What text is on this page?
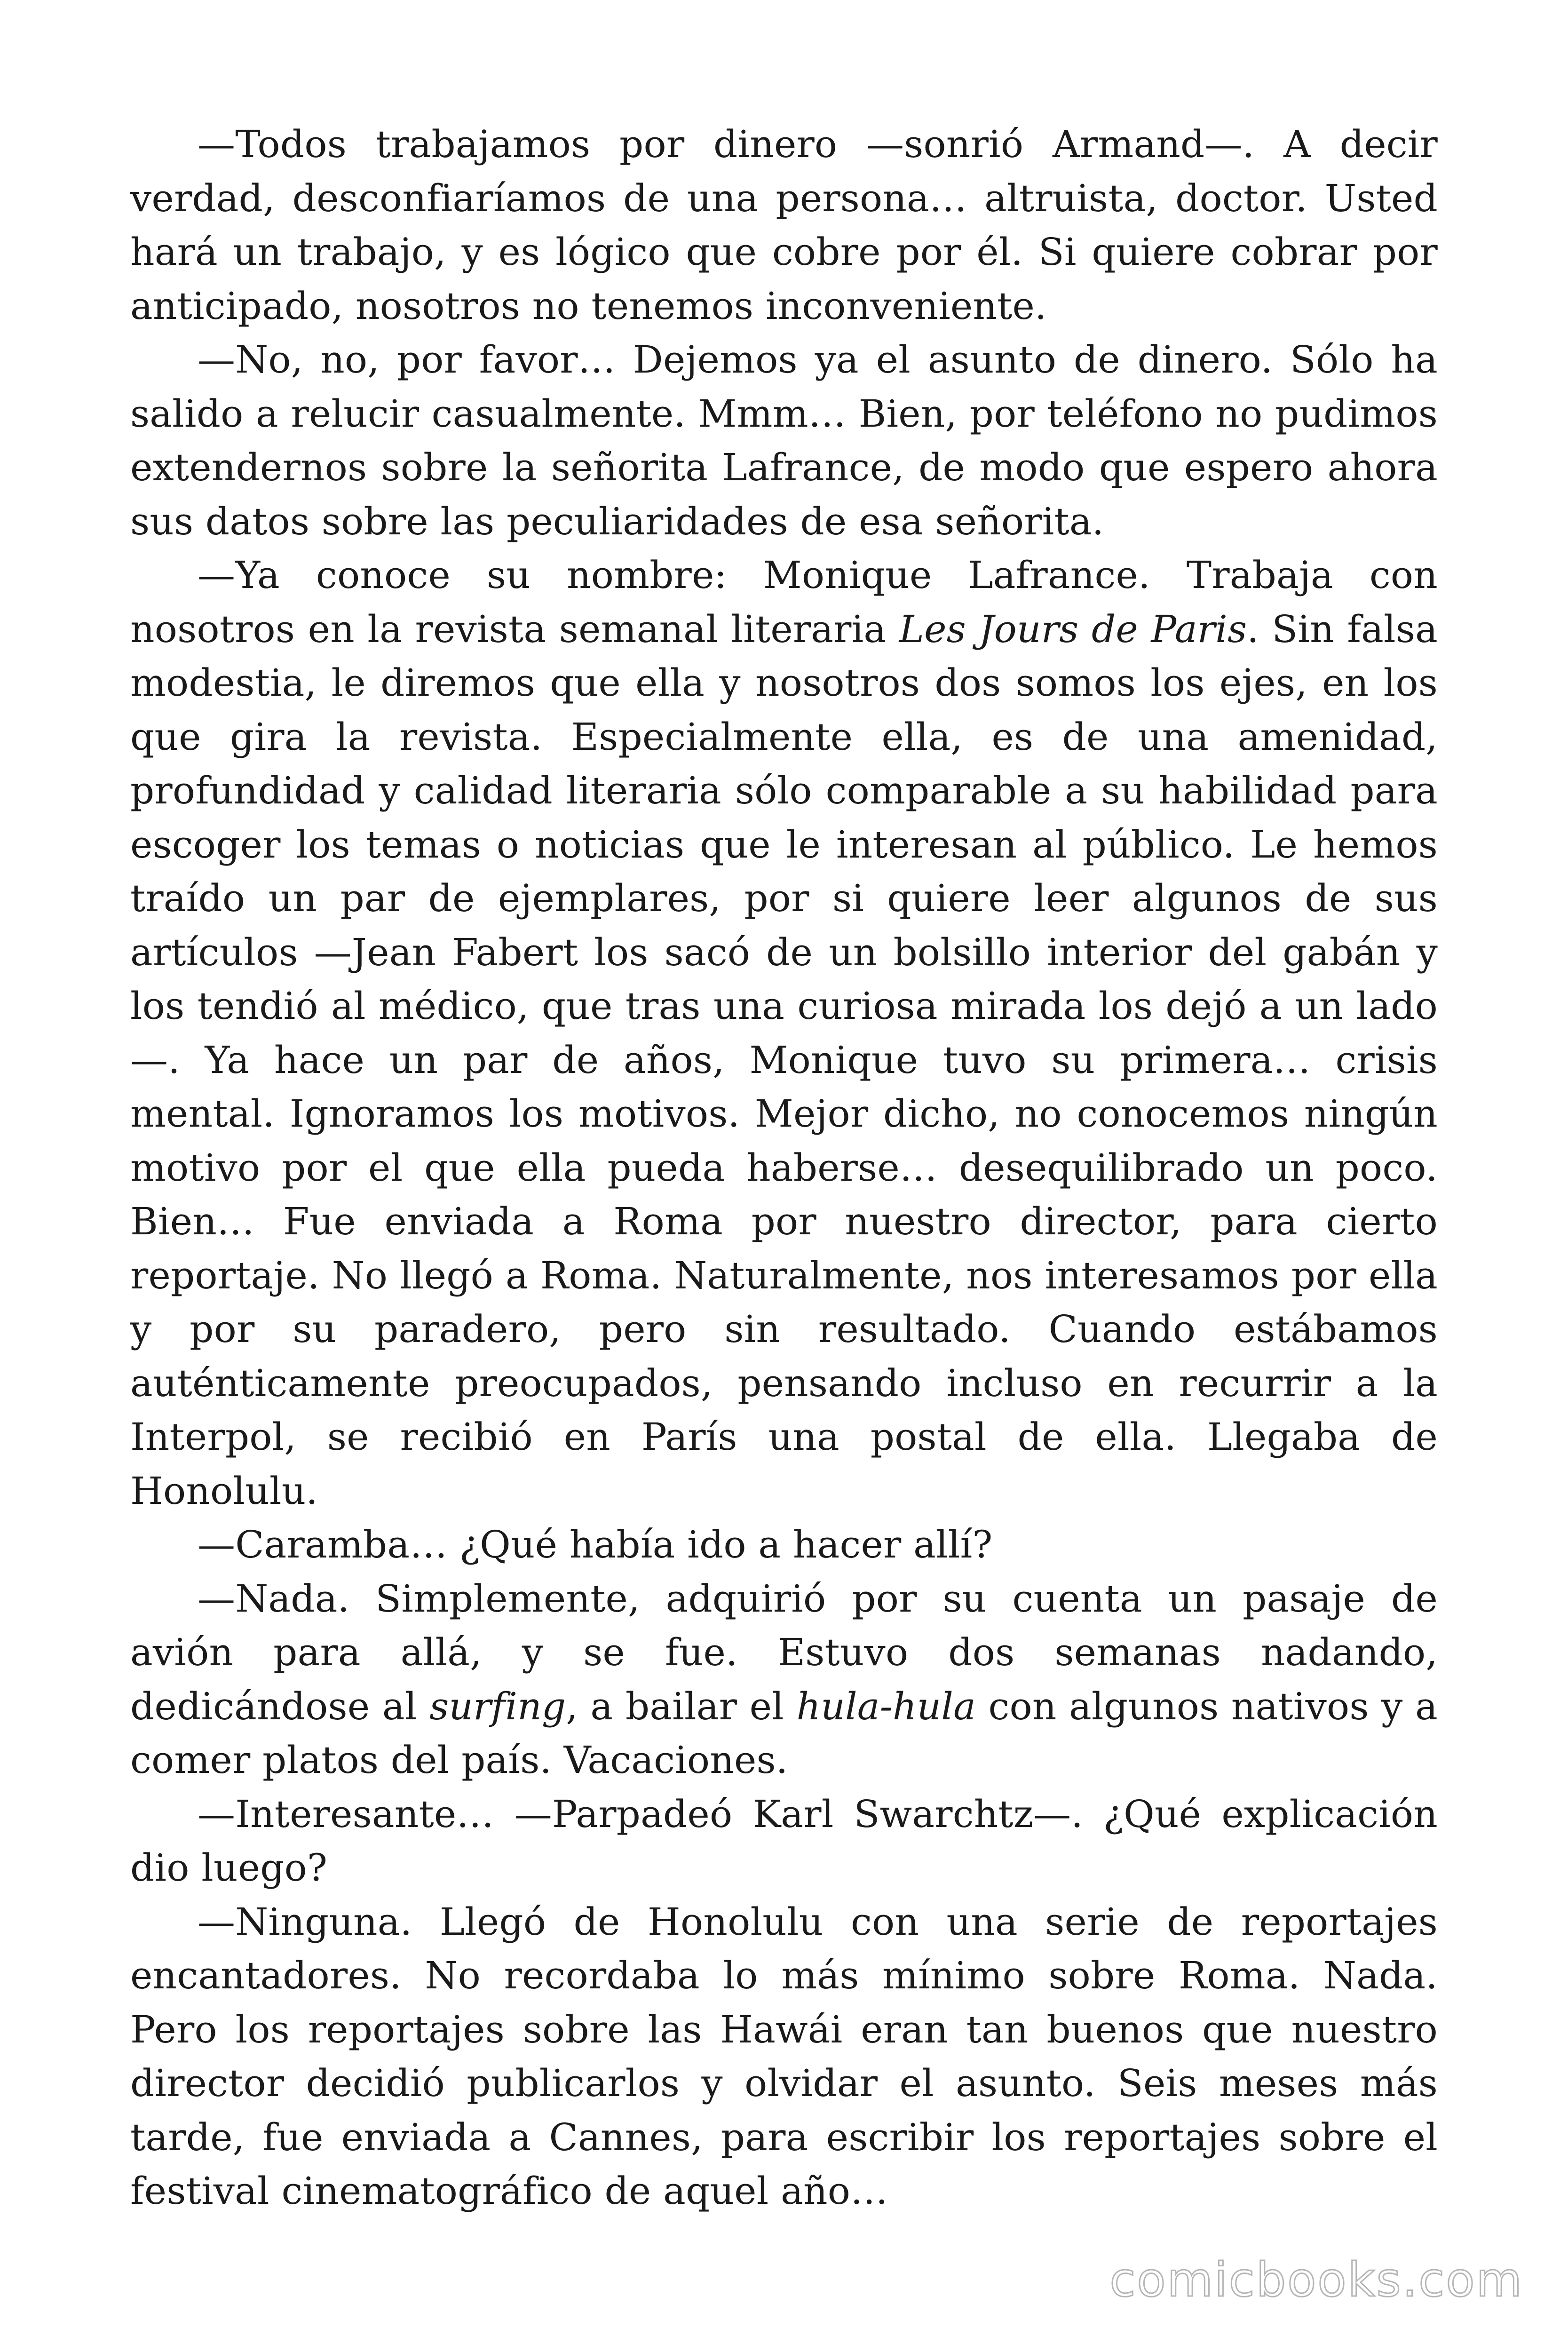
—Todos trabajamos por dinero —sonrió Armand—. A decir verdad, desconfiaríamos de una persona… altruista, doctor. Usted hará un trabajo, y es lógico que cobre por él. Si quiere cobrar por anticipado, nosotros no tenemos inconveniente.

—No, no, por favor… Dejemos ya el asunto de dinero. Sólo ha salido a relucir casualmente. Mmm… Bien, por teléfono no pudimos extendernos sobre la señorita Lafrance, de modo que espero ahora sus datos sobre las peculiaridades de esa señorita.

—Ya conoce su nombre: Monique Lafrance. Trabaja con nosotros en la revista semanal literaria Les Jours de Paris. Sin falsa modestia, le diremos que ella y nosotros dos somos los ejes, en los que gira la revista. Especialmente ella, es de una amenidad, profundidad y calidad literaria sólo comparable a su habilidad para escoger los temas o noticias que le interesan al público. Le hemos traído un par de ejemplares, por si quiere leer algunos de sus artículos —Jean Fabert los sacó de un bolsillo interior del gabán y los tendió al médico, que tras una curiosa mirada los dejó a un lado —. Ya hace un par de años, Monique tuvo su primera… crisis mental. Ignoramos los motivos. Mejor dicho, no conocemos ningún motivo por el que ella pueda haberse… desequilibrado un poco. Bien… Fue enviada a Roma por nuestro director, para cierto reportaje. No llegó a Roma. Naturalmente, nos interesamos por ella y por su paradero, pero sin resultado. Cuando estábamos auténticamente preocupados, pensando incluso en recurrir a la Interpol, se recibió en París una postal de ella. Llegaba de Honolulu.

—Caramba… ¿Qué había ido a hacer allí?

—Nada. Simplemente, adquirió por su cuenta un pasaje de avión para allá, y se fue. Estuvo dos semanas nadando, dedicándose al surfing, a bailar el hula-hula con algunos nativos y a comer platos del país. Vacaciones.

—Interesante… —Parpadeó Karl Swarchtz—. ¿Qué explicación dio luego?

—Ninguna. Llegó de Honolulu con una serie de reportajes encantadores. No recordaba lo más mínimo sobre Roma. Nada. Pero los reportajes sobre las Hawái eran tan buenos que nuestro director decidió publicarlos y olvidar el asunto. Seis meses más tarde, fue enviada a Cannes, para escribir los reportajes sobre el festival cinematográfico de aquel año…

comicbooks.com
